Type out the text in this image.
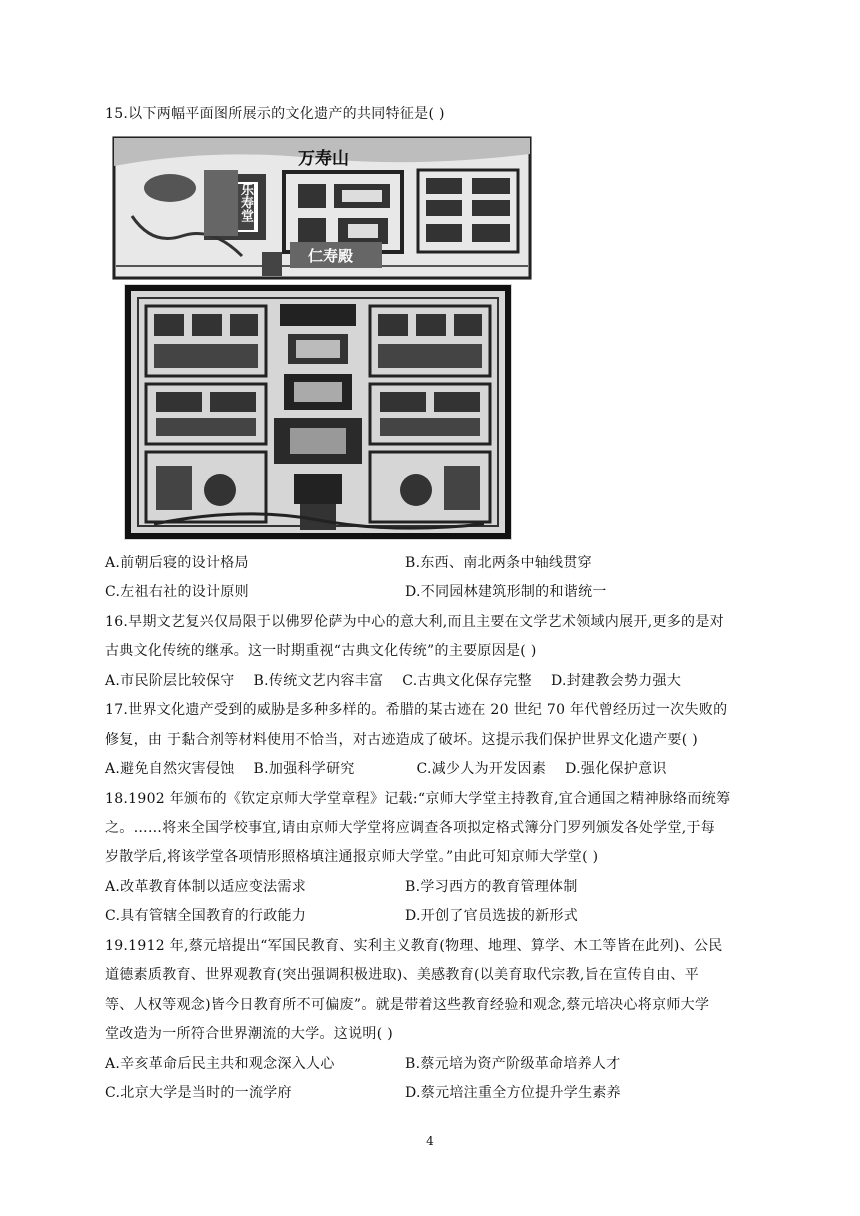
15.以下两幅平面图所展示的文化遗产的共同特征是( )
万寿山
乐寿堂
仁寿殿
A.前朝后寝的设计格局	B.东西、南北两条中轴线贯穿
C.左祖右社的设计原则	D.不同园林建筑形制的和谐统一
16.早期文艺复兴仅局限于以佛罗伦萨为中心的意大利,而且主要在文学艺术领域内展开,更多的是对
古典文化传统的继承。这一时期重视“古典文化传统”的主要原因是( )
A.市民阶层比较保守    B.传统文艺内容丰富    C.古典文化保存完整    D.封建教会势力强大
17.世界文化遗产受到的威胁是多种多样的。希腊的某古迹在 20 世纪 70 年代曾经历过一次失败的
修复，由 于黏合剂等材料使用不恰当，对古迹造成了破坏。这提示我们保护世界文化遗产要( )
A.避免自然灾害侵蚀    B.加强科学研究             C.减少人为开发因素    D.强化保护意识
18.1902 年颁布的《钦定京师大学堂章程》记载:“京师大学堂主持教育,宜合通国之精神脉络而统筹
之。……将来全国学校事宜,请由京师大学堂将应调查各项拟定格式簿分门罗列颁发各处学堂,于每
岁散学后,将该学堂各项情形照格填注通报京师大学堂。”由此可知京师大学堂( )
A.改革教育体制以适应变法需求	B.学习西方的教育管理体制
C.具有管辖全国教育的行政能力	D.开创了官员选拔的新形式
19.1912 年,蔡元培提出“军国民教育、实利主义教育(物理、地理、算学、木工等皆在此列)、公民
道德素质教育、世界观教育(突出强调积极进取)、美感教育(以美育取代宗教,旨在宣传自由、平
等、人权等观念)皆今日教育所不可偏废”。就是带着这些教育经验和观念,蔡元培决心将京师大学
堂改造为一所符合世界潮流的大学。这说明( )
A.辛亥革命后民主共和观念深入人心	B.蔡元培为资产阶级革命培养人才
C.北京大学是当时的一流学府	D.蔡元培注重全方位提升学生素养
4
